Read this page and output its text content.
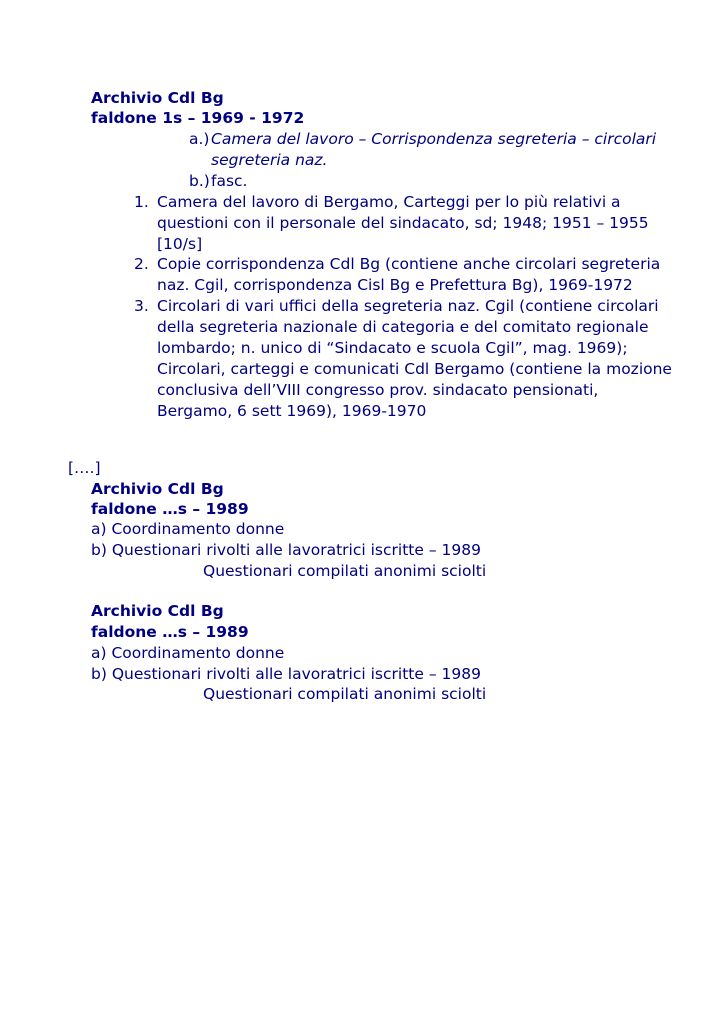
Archivio Cdl Bg
faldone 1s – 1969 - 1972
a.) Camera del lavoro – Corrispondenza segreteria – circolari
segreteria naz.
b.) fasc.
1. Camera del lavoro di Bergamo, Carteggi per lo più relativi a
questioni con il personale del sindacato, sd; 1948; 1951 – 1955
[10/s]
2. Copie corrispondenza Cdl Bg (contiene anche circolari segreteria
naz. Cgil, corrispondenza Cisl Bg e Prefettura Bg), 1969-1972
3. Circolari di vari uffici della segreteria naz. Cgil (contiene circolari
della segreteria nazionale di categoria e del comitato regionale
lombardo; n. unico di “Sindacato e scuola Cgil”, mag. 1969);
Circolari, carteggi e comunicati Cdl Bergamo (contiene la mozione
conclusiva dell’VIII congresso prov. sindacato pensionati,
Bergamo, 6 sett 1969), 1969-1970
[….]
Archivio Cdl Bg
faldone …s – 1989
a) Coordinamento donne
b) Questionari rivolti alle lavoratrici iscritte – 1989
Questionari compilati anonimi sciolti
Archivio Cdl Bg
faldone …s – 1989
a) Coordinamento donne
b) Questionari rivolti alle lavoratrici iscritte – 1989
Questionari compilati anonimi sciolti
